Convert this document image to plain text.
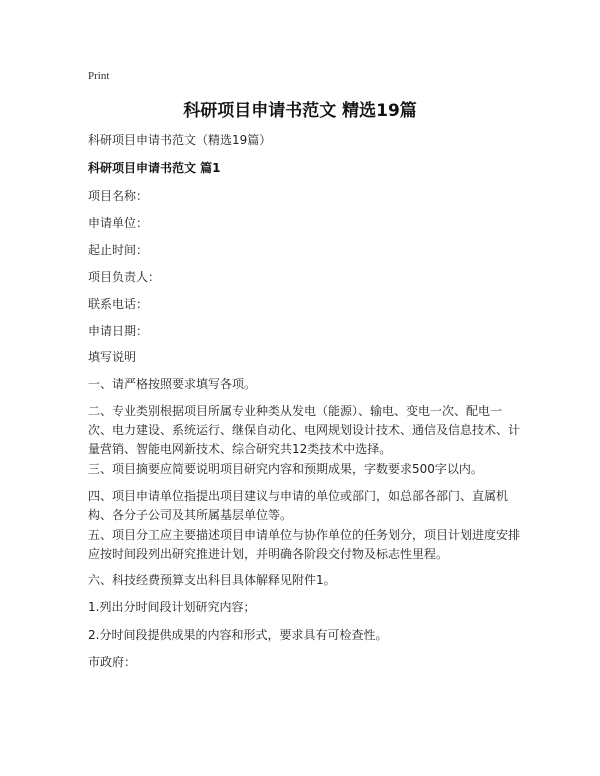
Print
科研项目申请书范文 精选19篇
科研项目申请书范文（精选19篇）
科研项目申请书范文 篇1
项目名称：
申请单位：
起止时间：
项目负责人：
联系电话：
申请日期：
填写说明
一、请严格按照要求填写各项。
二、专业类别根据项目所属专业种类从发电（能源）、输电、变电一次、配电一次、电力建设、系统运行、继保自动化、电网规划设计技术、通信及信息技术、计量营销、智能电网新技术、综合研究共12类技术中选择。
三、项目摘要应简要说明项目研究内容和预期成果，字数要求500字以内。
四、项目申请单位指提出项目建议与申请的单位或部门，如总部各部门、直属机构、各分子公司及其所属基层单位等。
五、项目分工应主要描述项目申请单位与协作单位的任务划分，项目计划进度安排应按时间段列出研究推进计划，并明确各阶段交付物及标志性里程。
六、科技经费预算支出科目具体解释见附件1。
1.列出分时间段计划研究内容；
2.分时间段提供成果的内容和形式，要求具有可检查性。
市政府：
